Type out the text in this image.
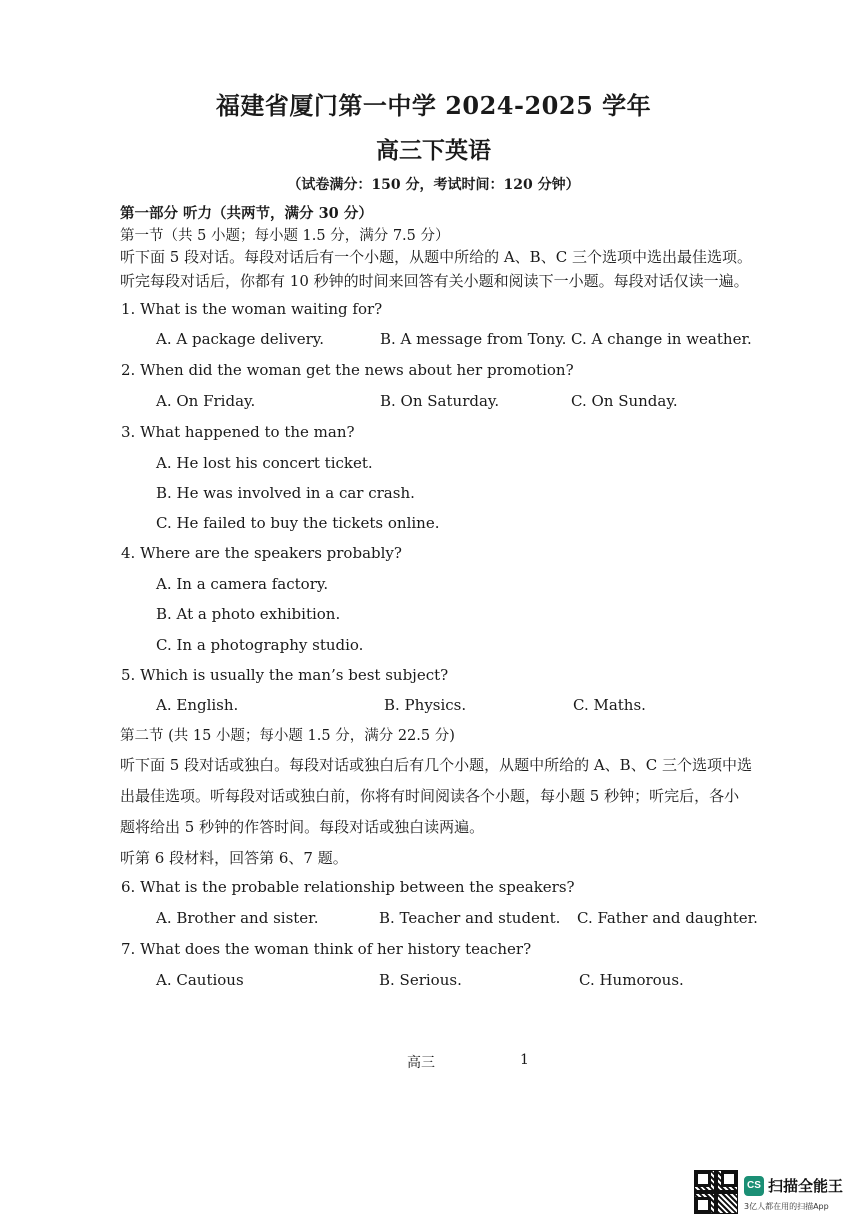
福建省厦门第一中学 2024-2025 学年
高三下英语
（试卷满分：150 分，考试时间：120 分钟）
第一部分 听力（共两节，满分 30 分）
第一节（共 5 小题；每小题 1.5 分，满分 7.5 分）
听下面 5 段对话。每段对话后有一个小题，从题中所给的 A、B、C 三个选项中选出最佳选项。
听完每段对话后，你都有 10 秒钟的时间来回答有关小题和阅读下一小题。每段对话仅读一遍。
1. What is the woman waiting for?
A. A package delivery.	B. A message from Tony. C. A change in weather.
2. When did the woman get the news about her promotion?
A. On Friday.	B. On Saturday.	C. On Sunday.
3. What happened to the man?
A. He lost his concert ticket.
B. He was involved in a car crash.
C. He failed to buy the tickets online.
4. Where are the speakers probably?
A. In a camera factory.
B. At a photo exhibition.
C. In a photography studio.
5. Which is usually the man’s best subject?
A. English.	B. Physics.	C. Maths.
第二节 (共 15 小题；每小题 1.5 分，满分 22.5 分)
听下面 5 段对话或独白。每段对话或独白后有几个小题，从题中所给的 A、B、C 三个选项中选
出最佳选项。听每段对话或独白前，你将有时间阅读各个小题，每小题 5 秒钟；听完后，各小
题将给出 5 秒钟的作答时间。每段对话或独白读两遍。
听第 6 段材料，回答第 6、7 题。
6. What is the probable relationship between the speakers?
A. Brother and sister.	B. Teacher and student. C. Father and daughter.
7. What does the woman think of her history teacher?
A. Cautious	B. Serious.	C. Humorous.
高三	1
CS 扫描全能王
3亿人都在用的扫描App
